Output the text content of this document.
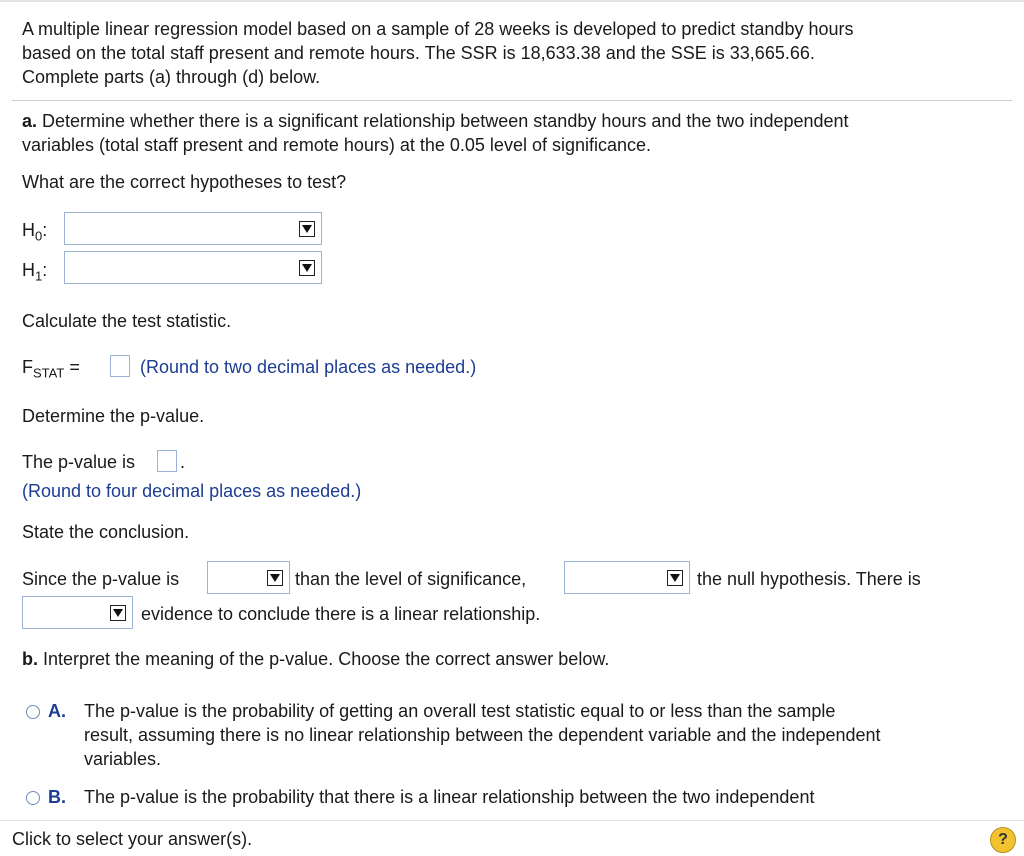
A multiple linear regression model based on a sample of 28 weeks is developed to predict standby hours
based on the total staff present and remote hours. The SSR is 18,633.38 and the SSE is 33,665.66.
Complete parts (a) through (d) below.
a. Determine whether there is a significant relationship between standby hours and the two independent
variables (total staff present and remote hours) at the 0.05 level of significance.
What are the correct hypotheses to test?
$H_0$:
$H_1$:
Calculate the test statistic.
$F_{STAT}$ =	(Round to two decimal places as needed.)
Determine the p-value.
The p-value is .
(Round to four decimal places as needed.)
State the conclusion.
Since the p-value is	than the level of significance,	the null hypothesis. There is
evidence to conclude there is a linear relationship.
b. Interpret the meaning of the p-value. Choose the correct answer below.
A. The p-value is the probability of getting an overall test statistic equal to or less than the sample
result, assuming there is no linear relationship between the dependent variable and the independent
variables.
B. The p-value is the probability that there is a linear relationship between the two independent
Click to select your answer(s).	?
